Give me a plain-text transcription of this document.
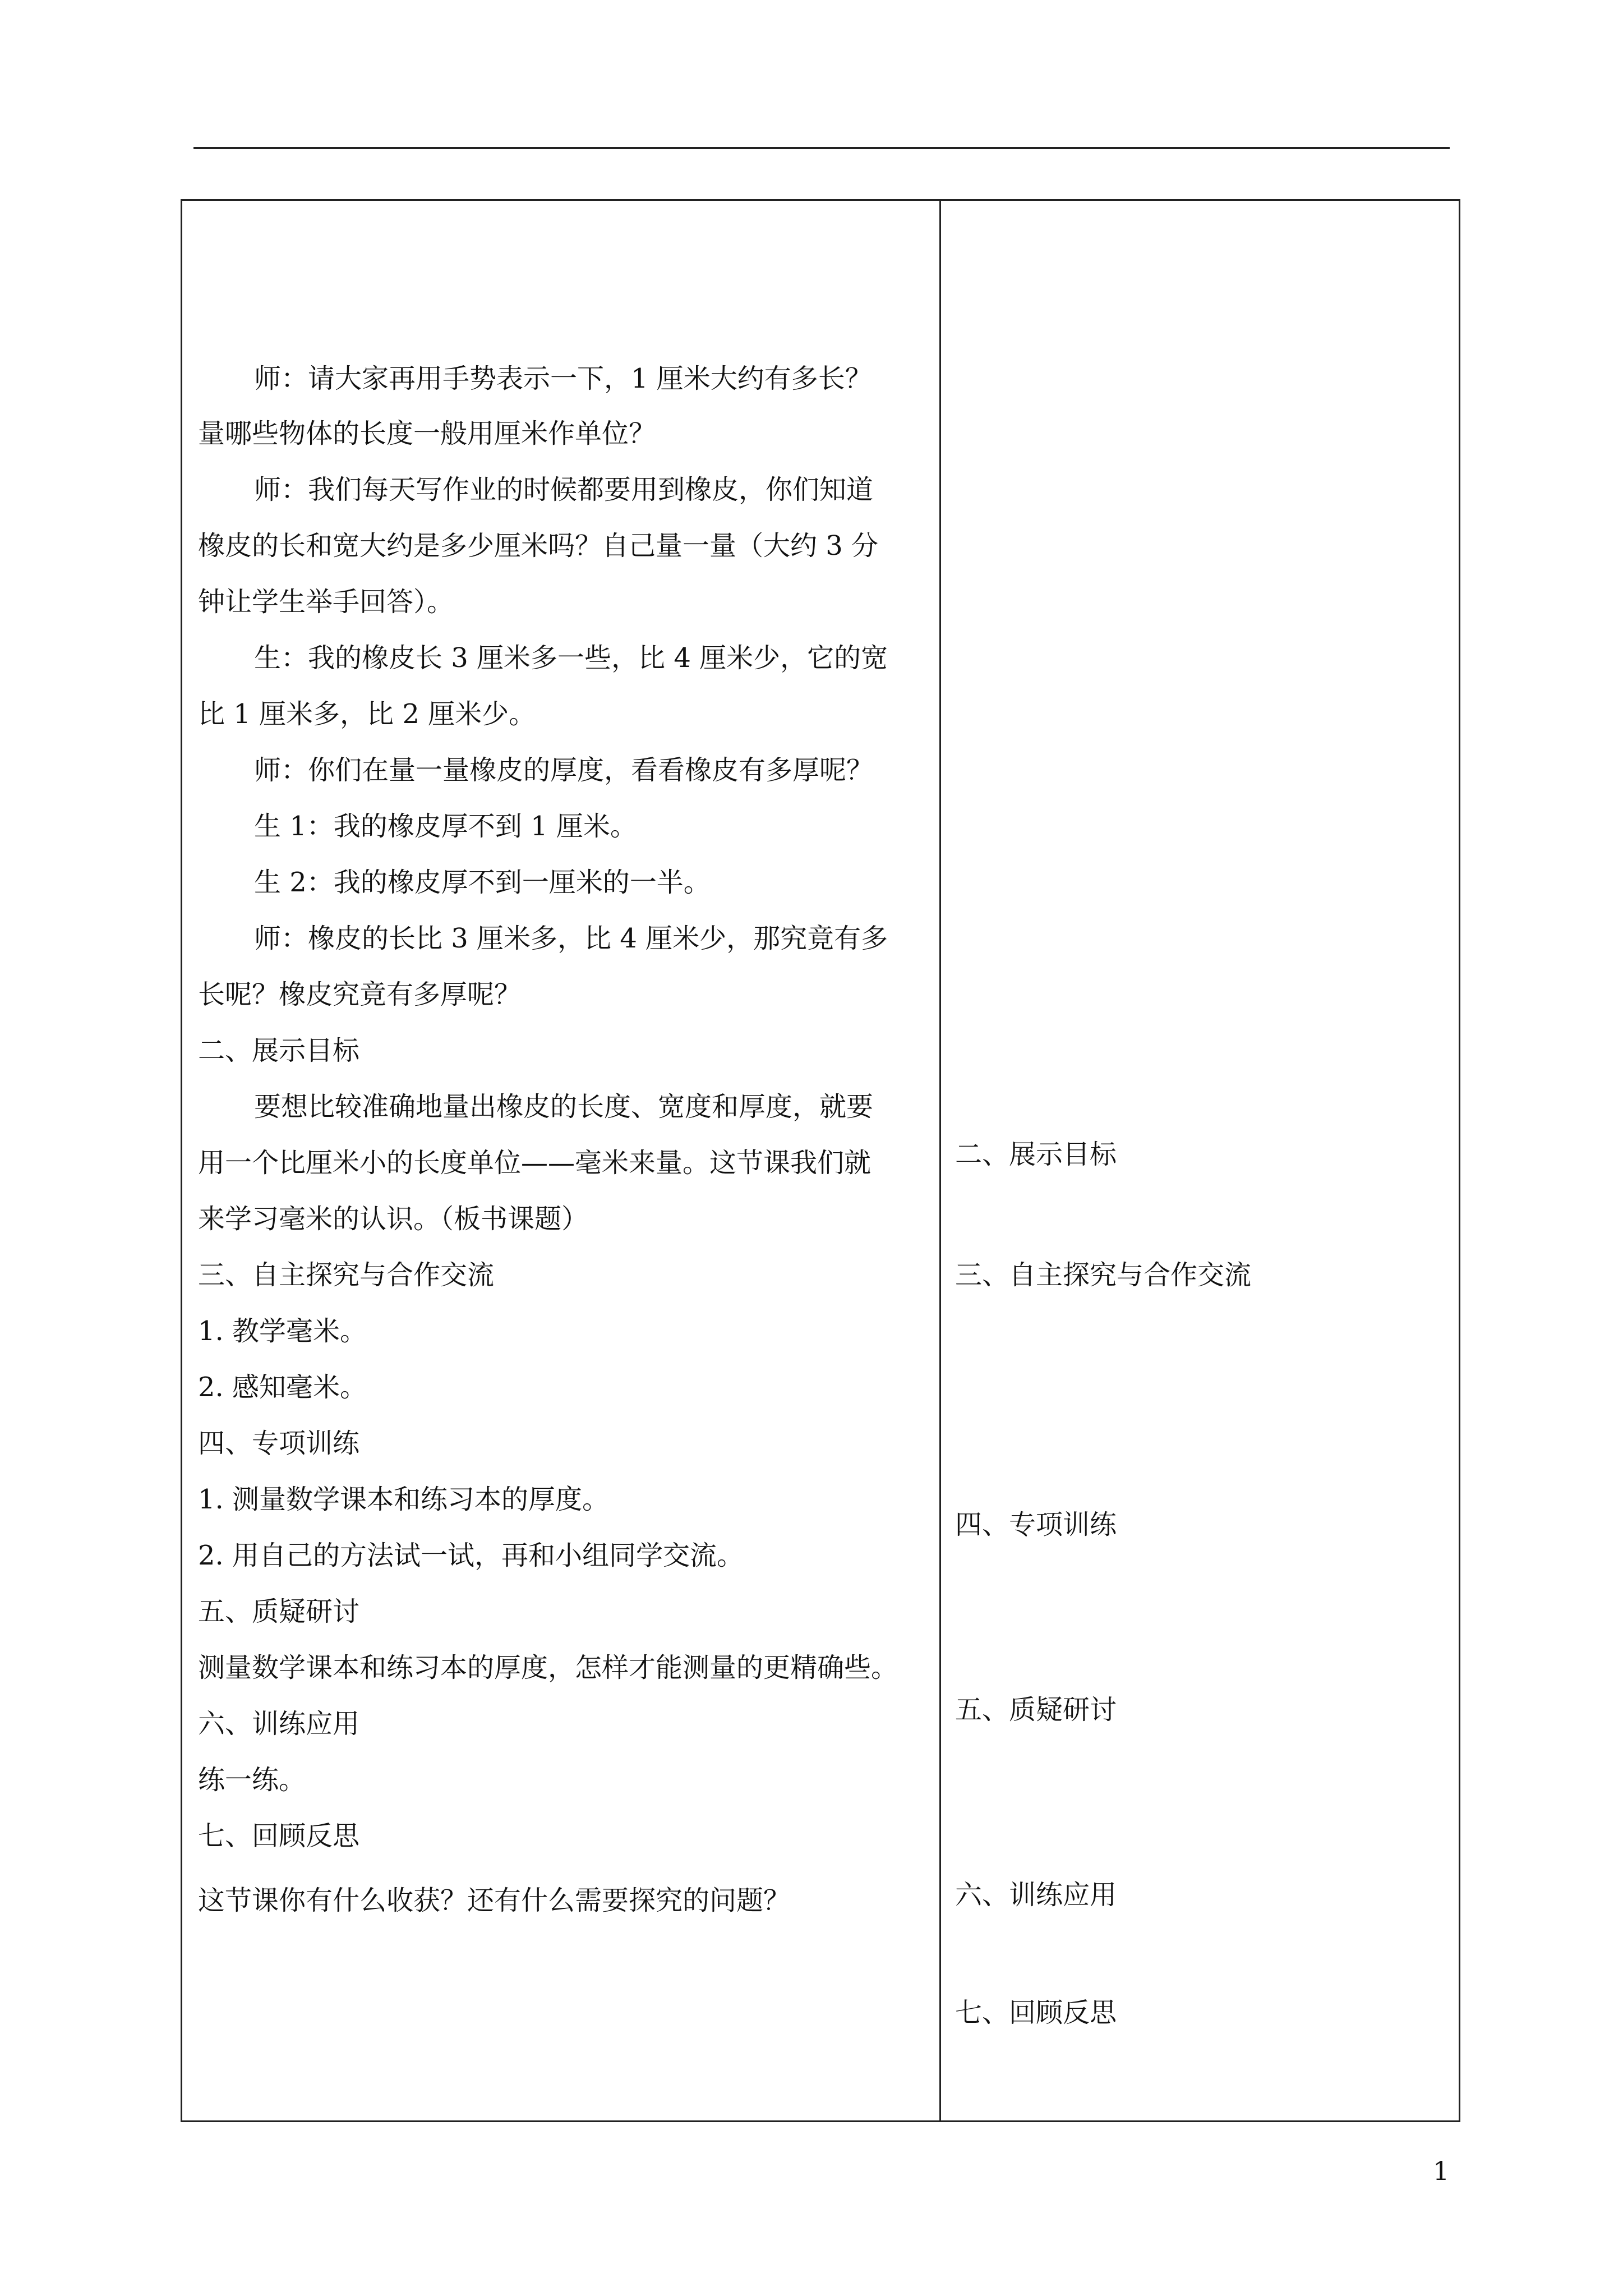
师：请大家再用手势表示一下，1 厘米大约有多长？
量哪些物体的长度一般用厘米作单位？
师：我们每天写作业的时候都要用到橡皮，你们知道
橡皮的长和宽大约是多少厘米吗？自己量一量（大约 3 分
钟让学生举手回答）。
生：我的橡皮长 3 厘米多一些，比 4 厘米少，它的宽
比 1 厘米多，比 2 厘米少。
师：你们在量一量橡皮的厚度，看看橡皮有多厚呢？
生 1：我的橡皮厚不到 1 厘米。
生 2：我的橡皮厚不到一厘米的一半。
师：橡皮的长比 3 厘米多，比 4 厘米少，那究竟有多
长呢？橡皮究竟有多厚呢？
二、展示目标
要想比较准确地量出橡皮的长度、宽度和厚度，就要
用一个比厘米小的长度单位——毫米来量。这节课我们就
来学习毫米的认识。（板书课题）
三、自主探究与合作交流
1. 教学毫米。
2. 感知毫米。
四、专项训练
1. 测量数学课本和练习本的厚度。
2. 用自己的方法试一试，再和小组同学交流。
五、质疑研讨
测量数学课本和练习本的厚度，怎样才能测量的更精确些。
六、训练应用
练一练。
七、回顾反思
这节课你有什么收获？还有什么需要探究的问题？
二、展示目标
三、自主探究与合作交流
四、专项训练
五、质疑研讨
六、训练应用
七、回顾反思
1
